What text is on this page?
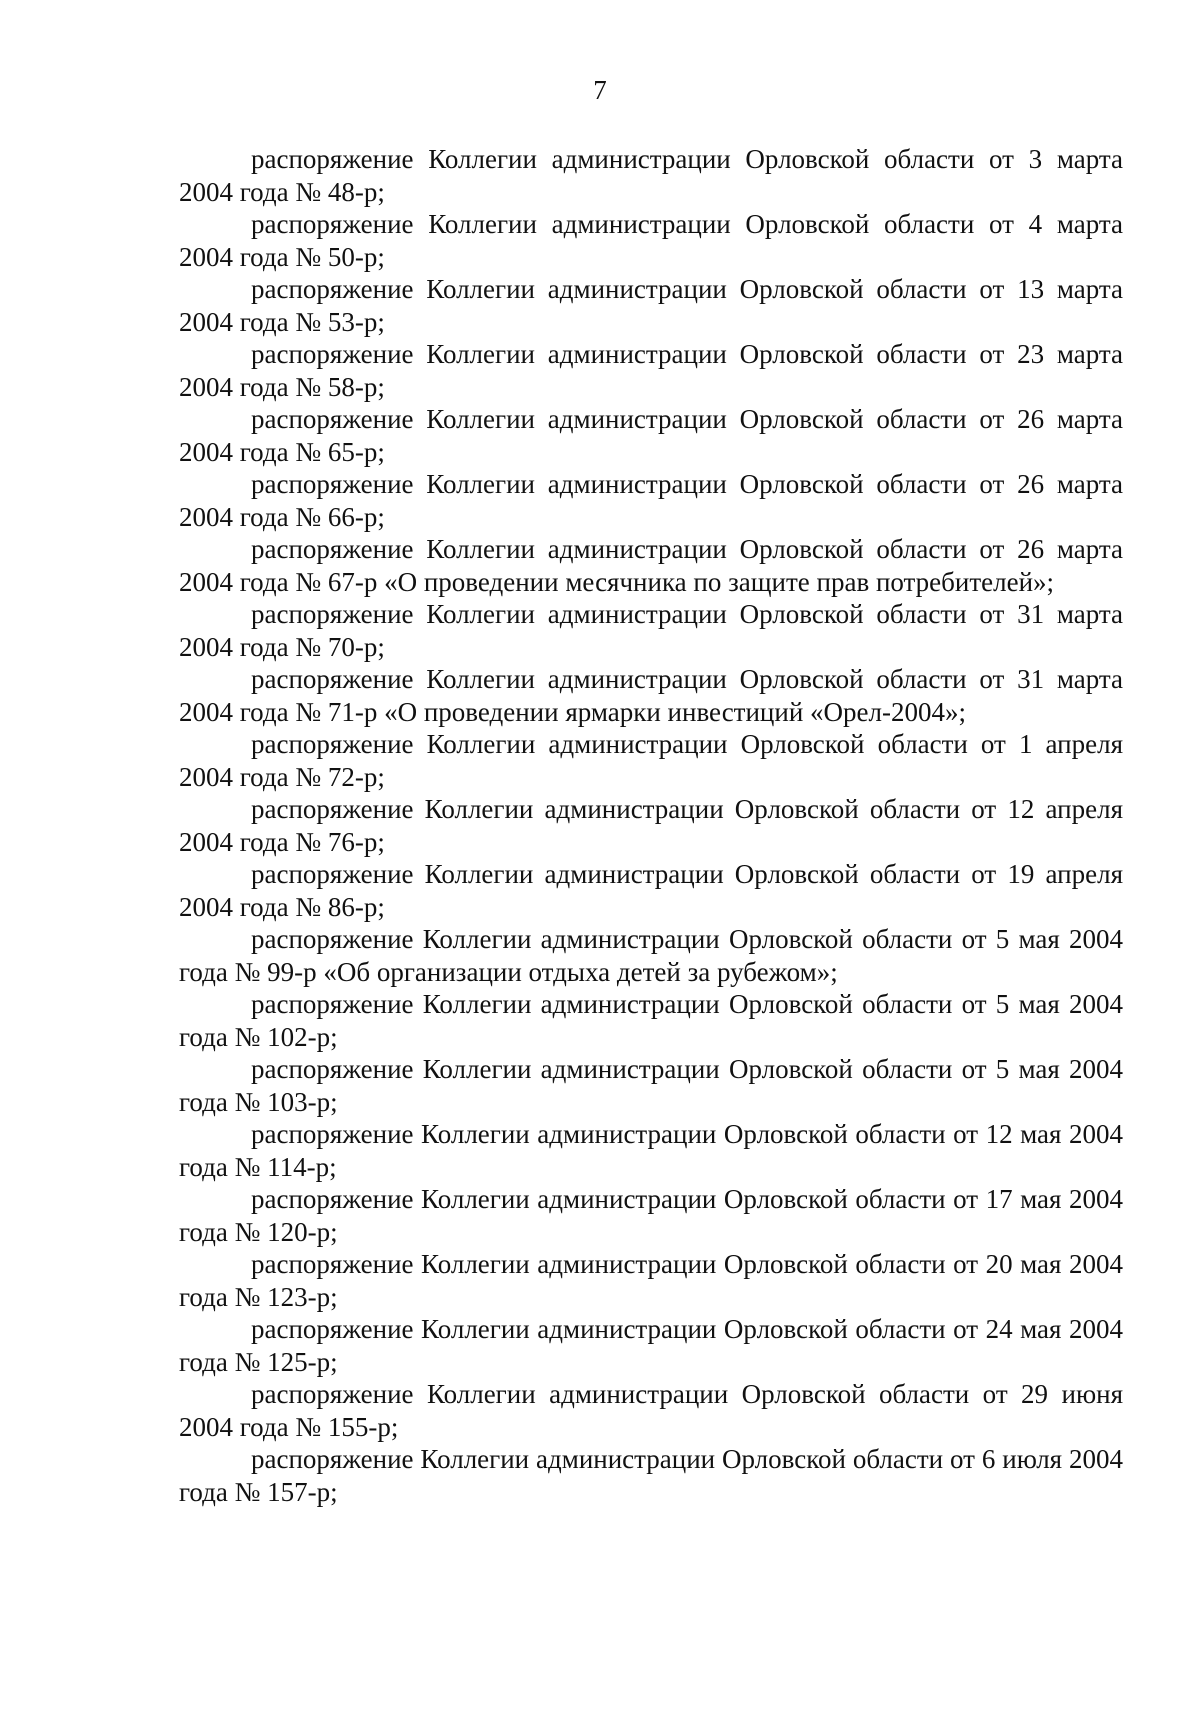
7

распоряжение Коллегии администрации Орловской области от 3 марта 2004 года № 48-р;

распоряжение Коллегии администрации Орловской области от 4 марта 2004 года № 50-р;

распоряжение Коллегии администрации Орловской области от 13 марта 2004 года № 53-р;

распоряжение Коллегии администрации Орловской области от 23 марта 2004 года № 58-р;

распоряжение Коллегии администрации Орловской области от 26 марта 2004 года № 65-р;

распоряжение Коллегии администрации Орловской области от 26 марта 2004 года № 66-р;

распоряжение Коллегии администрации Орловской области от 26 марта 2004 года № 67-р «О проведении месячника по защите прав потребителей»;

распоряжение Коллегии администрации Орловской области от 31 марта 2004 года № 70-р;

распоряжение Коллегии администрации Орловской области от 31 марта 2004 года № 71-р «О проведении ярмарки инвестиций «Орел-2004»;

распоряжение Коллегии администрации Орловской области от 1 апреля 2004 года № 72-р;

распоряжение Коллегии администрации Орловской области от 12 апреля 2004 года № 76-р;

распоряжение Коллегии администрации Орловской области от 19 апреля 2004 года № 86-р;

распоряжение Коллегии администрации Орловской области от 5 мая 2004 года № 99-р «Об организации отдыха детей за рубежом»;

распоряжение Коллегии администрации Орловской области от 5 мая 2004 года № 102-р;

распоряжение Коллегии администрации Орловской области от 5 мая 2004 года № 103-р;

распоряжение Коллегии администрации Орловской области от 12 мая 2004 года № 114-р;

распоряжение Коллегии администрации Орловской области от 17 мая 2004 года № 120-р;

распоряжение Коллегии администрации Орловской области от 20 мая 2004 года № 123-р;

распоряжение Коллегии администрации Орловской области от 24 мая 2004 года № 125-р;

распоряжение Коллегии администрации Орловской области от 29 июня 2004 года № 155-р;

распоряжение Коллегии администрации Орловской области от 6 июля 2004 года № 157-р;
